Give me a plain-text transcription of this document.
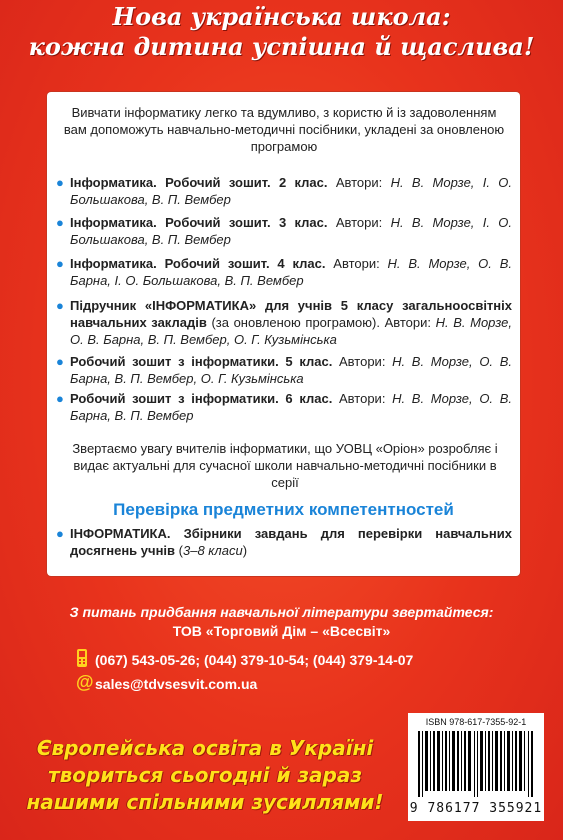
Нова українська школа:
кожна дитина успішна й щаслива!
Вивчати інформатику легко та вдумливо, з користю й із задоволенням вам допоможуть навчально-методичні посібники, укладені за оновленою програмою
● Інформатика. Робочий зошит. 2 клас. Автори: Н. В. Морзе, І. О. Большакова, В. П. Вембер
● Інформатика. Робочий зошит. 3 клас. Автори: Н. В. Морзе, І. О. Большакова, В. П. Вембер
● Інформатика. Робочий зошит. 4 клас. Автори: Н. В. Морзе, О. В. Барна, І. О. Большакова, В. П. Вембер
● Підручник «ІНФОРМАТИКА» для учнів 5 класу загальноосвітніх навчальних закладів (за оновленою програмою). Автори: Н. В. Морзе, О. В. Барна, В. П. Вембер, О. Г. Кузьмінська
● Робочий зошит з інформатики. 5 клас. Автори: Н. В. Морзе, О. В. Барна, В. П. Вембер, О. Г. Кузьмінська
● Робочий зошит з інформатики. 6 клас. Автори: Н. В. Морзе, О. В. Барна, В. П. Вембер
Звертаємо увагу вчителів інформатики, що УОВЦ «Оріон» розробляє і видає актуальні для сучасної школи навчально-методичні посібники в серії
Перевірка предметних компетентностей
● ІНФОРМАТИКА. Збірники завдань для перевірки навчальних досягнень учнів (3–8 класи)
З питань придбання навчальної літератури звертайтеся:
ТОВ «Торговий Дім – «Всесвіт»
(067) 543-05-26; (044) 379-10-54; (044) 379-14-07
@ sales@tdvsesvit.com.ua
ISBN 978-617-7355-92-1
9 786177 355921
Європейська освіта в Україні
твориться сьогодні й зараз
нашими спільними зусиллями!
